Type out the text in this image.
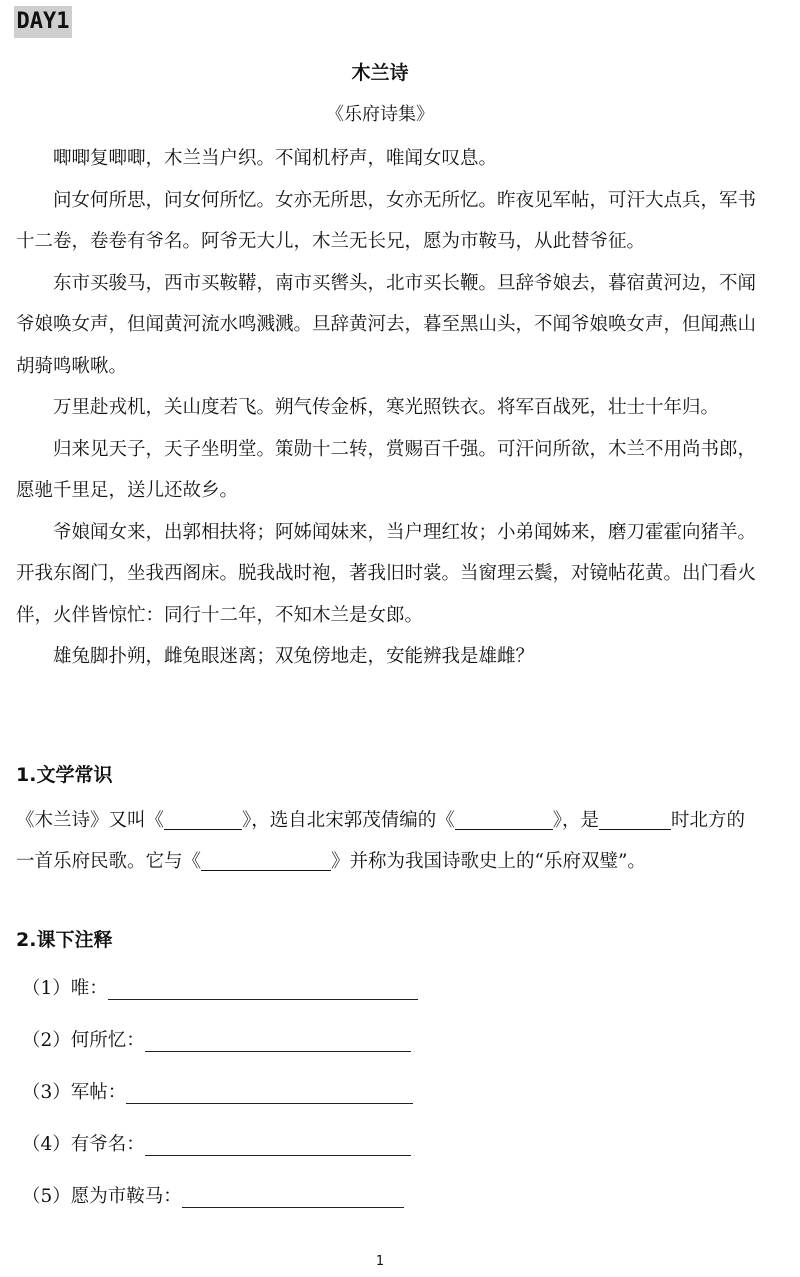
DAY1
木兰诗
《乐府诗集》

唧唧复唧唧，木兰当户织。不闻机杼声，唯闻女叹息。

问女何所思，问女何所忆。女亦无所思，女亦无所忆。昨夜见军帖，可汗大点兵，军书十二卷，卷卷有爷名。阿爷无大儿，木兰无长兄，愿为市鞍马，从此替爷征。

东市买骏马，西市买鞍鞯，南市买辔头，北市买长鞭。旦辞爷娘去，暮宿黄河边，不闻爷娘唤女声，但闻黄河流水鸣溅溅。旦辞黄河去，暮至黑山头，不闻爷娘唤女声，但闻燕山胡骑鸣啾啾。

万里赴戎机，关山度若飞。朔气传金柝，寒光照铁衣。将军百战死，壮士十年归。

归来见天子，天子坐明堂。策勋十二转，赏赐百千强。可汗问所欲，木兰不用尚书郎，愿驰千里足，送儿还故乡。

爷娘闻女来，出郭相扶将；阿姊闻妹来，当户理红妆；小弟闻姊来，磨刀霍霍向猪羊。开我东阁门，坐我西阁床。脱我战时袍，著我旧时裳。当窗理云鬓，对镜帖花黄。出门看火伴，火伴皆惊忙：同行十二年，不知木兰是女郎。

雄兔脚扑朔，雌兔眼迷离；双兔傍地走，安能辨我是雄雌？

1.文学常识
《木兰诗》又叫《	》，选自北宋郭茂倩编的《	》，是	时北方的一首乐府民歌。它与《	》并称为我国诗歌史上的“乐府双璧”。
2.课下注释
（1）唯：
（2）何所忆：
（3）军帖：
（4）有爷名：
（5）愿为市鞍马：
1
